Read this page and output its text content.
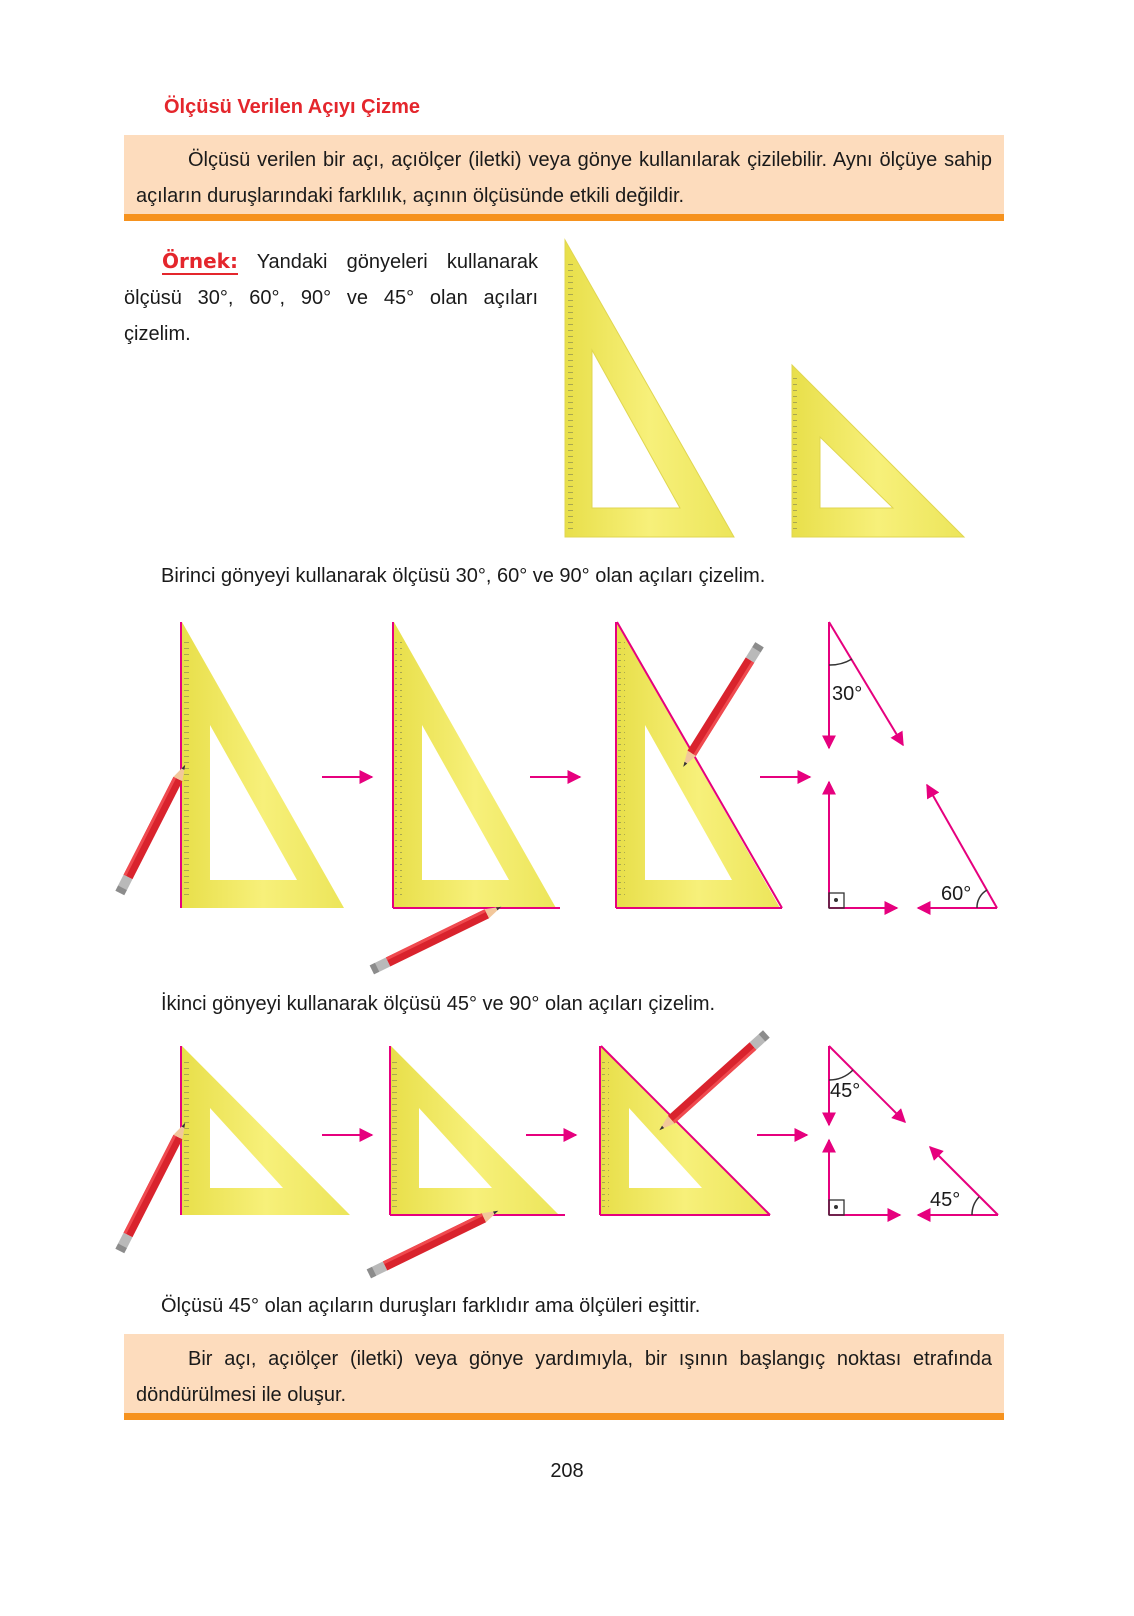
Ölçüsü Verilen Açıyı Çizme

Ölçüsü verilen bir açı, açıölçer (iletki) veya gönye kullanılarak çizilebilir. Aynı ölçüye sahip açıların duruşlarındaki farklılık, açının ölçüsünde etkili değildir.

Örnek: Yandaki gönyeleri kullanarak ölçüsü 30°, 60°, 90° ve 45° olan açıları çizelim.
Birinci gönyeyi kullanarak ölçüsü 30°, 60° ve 90° olan açıları çizelim.
30°
60°
İkinci gönyeyi kullanarak ölçüsü 45° ve 90° olan açıları çizelim.
45°
45°
Ölçüsü 45° olan açıların duruşları farklıdır ama ölçüleri eşittir.

Bir açı, açıölçer (iletki) veya gönye yardımıyla, bir ışının başlangıç noktası etrafında döndürülmesi ile oluşur.

208
